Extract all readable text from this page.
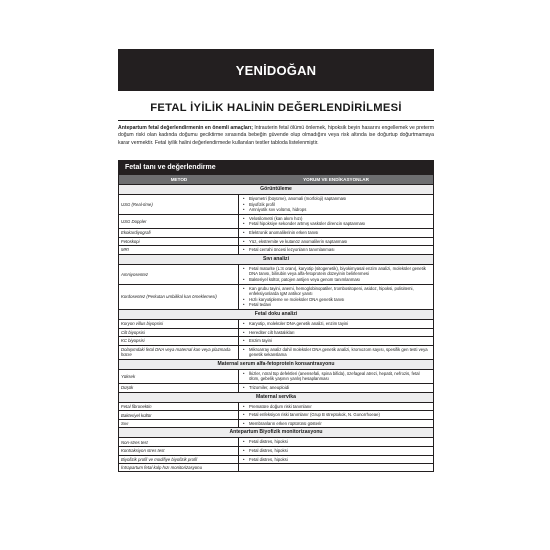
YENİDOĞAN
FETAL İYİLİK HALİNİN DEĞERLENDİRİLMESİ
Antepartum fetal değerlendirmenin en önemli amaçları; İntrauterin fetal ölümü önlemek, hipoksik beyin hasarını engellemek ve preterm doğum riski olan kadında doğumu geciktirme sırasında bebeğin güvende olup olmadığını veya risk altında ise doğurtup doğurtmamaya karar vermektir. Fetal iyilik halini değerlendirmede kullanılan testler tabloda listelenmiştir.
Fetal tanı ve değerlendirme
METOD	YORUM VE ENDİKASYONLAR
Görüntüleme
USG (Real-time)
• Biyometri (büyüme), anomali (morfoloji) saptanması
• Biyofizik profil
• Amniyotik sıvı volümü, hidrops
USG Doppler
• Velosilometri (kan akım hızı)
• Fetal hipoksiye sekonder artmış vasküler direncin saptanması
Ekokardiyografi	• Elektronik anomalilerinin erken tanısı
Fetoskopi	• Yüz, ekstremite ve kutanöz anomalilerin saptanması
MRI	• Fetal cerrahi öncesi lezyonların tanımlanması
Sıvı analizi
Amniyosentez
• Fetal maturite (L:S oranı), karyotip (sitogenetik), biyokimyasal enzim analizi, moleküler genetik DNA tanısı, bilirubin veya alfa-fetoprotein düzeyinin belirlenmesi
• Bakteriyel kültür, patojen antijen veya genom tanımlanması
Kordosentez (Perkutan umbilikal kan örneklemesi)
• Kan grubu tayini, anemi, hemoglobinopatiler, trombositopeni, asidoz, hipoksi, poliüitemi, enfeksiyonlarda IgM antikor yanıtı
• Hızlı karyotipleme ve moleküler DNA genetik tanısı
• Fetal tedavi
Fetal doku analizi
Koryon villus biyopsisi	• Karyotip, moleküler DNA genetik analizi, enzim tayini
Cilt biyopsisi	• Herediter cilt hastalıkları
KC biyopsisi	• Enzim tayini
Dolaşımdaki fetal DNA veya maternal kan veya plazmada hücre
• Mikroarray analiz dahil moleküler DNA genetik analizi, kromozom sayısı, spesifik gen testi veya genetik sekanslama
Maternal serum alfa-fetoprotein konsantrasyonu
Yüksek
• İkizler, nöral tüp defektleri (anensefali, spina bifida), özefageal atrezi, hepatit, nefrozis, fetal ölüm, gebelik yaşının yanlış hesaplanması
Düşük	• Trizomiler, aneuploidi
Maternal servika
Fetal fibronektin	• Prematüre doğum riski tanımlanır
Bakteriyel kültür	• Fetal enfeksiyon riski tanımlanır (Grup B streptokok, N. Gonorrhoeae)
Sıvı	• Membranların erken rüptürünü gösterir
Antepartum Biyofizik monitorizasyonu
Non-stres test	• Fetal distres, hipoksi
Kontraksiyon stres test	• Fetal distres, hipoksi
Biyofizik profil ve modifiye biyofizik profil	• Fetal distres, hipoksi
İntrapartum fetal kalp hızı monitorizasyonu
